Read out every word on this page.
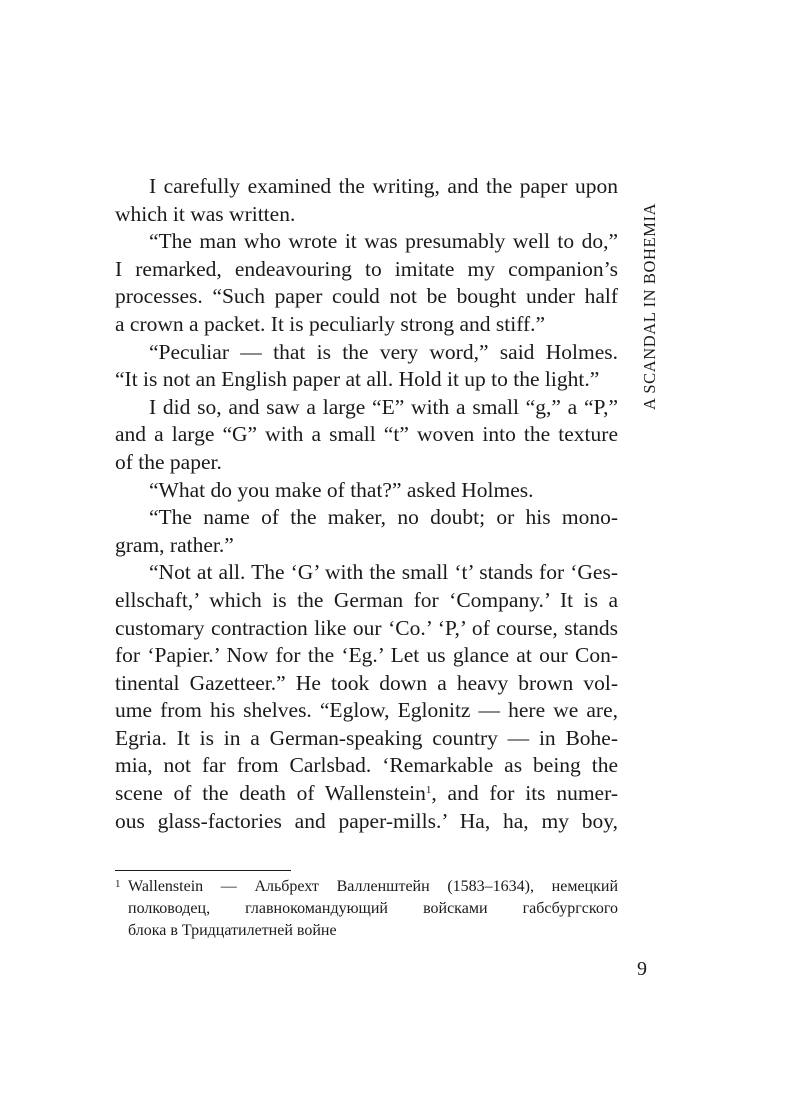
I carefully examined the writing, and the paper upon
which it was written.
“The man who wrote it was presumably well to do,”
I remarked, endeavouring to imitate my companion’s
processes. “Such paper could not be bought under half
a crown a packet. It is peculiarly strong and stiff.”
“Peculiar — that is the very word,” said Holmes.
“It is not an English paper at all. Hold it up to the light.”
I did so, and saw a large “E” with a small “g,” a “P,”
and a large “G” with a small “t” woven into the texture
of the paper.
“What do you make of that?” asked Holmes.
“The name of the maker, no doubt; or his mono-
gram, rather.”
“Not at all. The ‘G’ with the small ‘t’ stands for ‘Ges-
ellschaft,’ which is the German for ‘Company.’ It is a
customary contraction like our ‘Co.’ ‘P,’ of course, stands
for ‘Papier.’ Now for the ‘Eg.’ Let us glance at our Con-
tinental Gazetteer.” He took down a heavy brown vol-
ume from his shelves. “Eglow, Eglonitz — here we are,
Egria. It is in a German-speaking country — in Bohe-
mia, not far from Carlsbad. ‘Remarkable as being the
scene of the death of Wallenstein$^1$, and for its numer-
ous glass-factories and paper-mills.’ Ha, ha, my boy,
1 Wallenstein — Альбрехт Валленштейн (1583–1634), немецкий
полководец, главнокомандующий войсками габсбургского
блока в Тридцатилетней войне
A SCANDAL IN BOHEMIA
9
